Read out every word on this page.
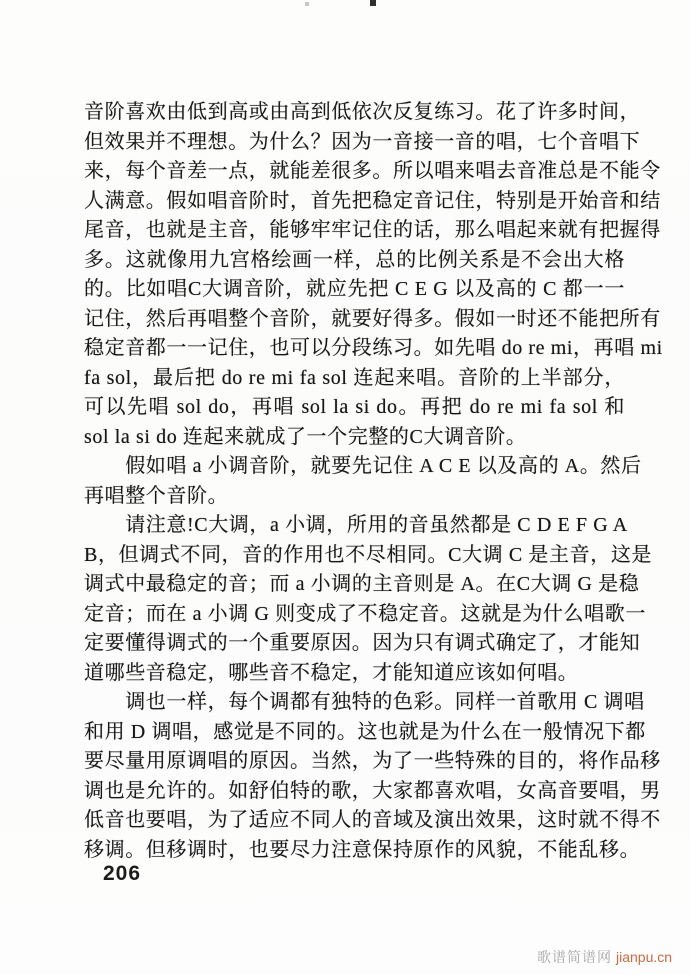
音阶喜欢由低到高或由高到低依次反复练习。花了许多时间，
但效果并不理想。为什么？因为一音接一音的唱，七个音唱下
来，每个音差一点，就能差很多。所以唱来唱去音准总是不能令
人满意。假如唱音阶时，首先把稳定音记住，特别是开始音和结
尾音，也就是主音，能够牢牢记住的话，那么唱起来就有把握得
多。这就像用九宫格绘画一样，总的比例关系是不会出大格
的。比如唱C大调音阶，就应先把 C E G 以及高的 C 都一一
记住，然后再唱整个音阶，就要好得多。假如一时还不能把所有
稳定音都一一记住，也可以分段练习。如先唱 do re mi，再唱 mi
fa sol，最后把 do re mi fa sol 连起来唱。音阶的上半部分，
可以先唱 sol do，再唱 sol la si do。再把 do re mi fa sol 和
sol la si do 连起来就成了一个完整的C大调音阶。
　　假如唱 a 小调音阶，就要先记住 A C E 以及高的 A。然后
再唱整个音阶。
　　请注意!C大调，a 小调，所用的音虽然都是 C D E F G A
B，但调式不同，音的作用也不尽相同。C大调 C 是主音，这是
调式中最稳定的音；而 a 小调的主音则是 A。在C大调 G 是稳
定音；而在 a 小调 G 则变成了不稳定音。这就是为什么唱歌一
定要懂得调式的一个重要原因。因为只有调式确定了，才能知
道哪些音稳定，哪些音不稳定，才能知道应该如何唱。
　　调也一样，每个调都有独特的色彩。同样一首歌用 C 调唱
和用 D 调唱，感觉是不同的。这也就是为什么在一般情况下都
要尽量用原调唱的原因。当然，为了一些特殊的目的，将作品移
调也是允许的。如舒伯特的歌，大家都喜欢唱，女高音要唱，男
低音也要唱，为了适应不同人的音域及演出效果，这时就不得不
移调。但移调时，也要尽力注意保持原作的风貌，不能乱移。
206
歌谱简谱网 jianpu.cn
